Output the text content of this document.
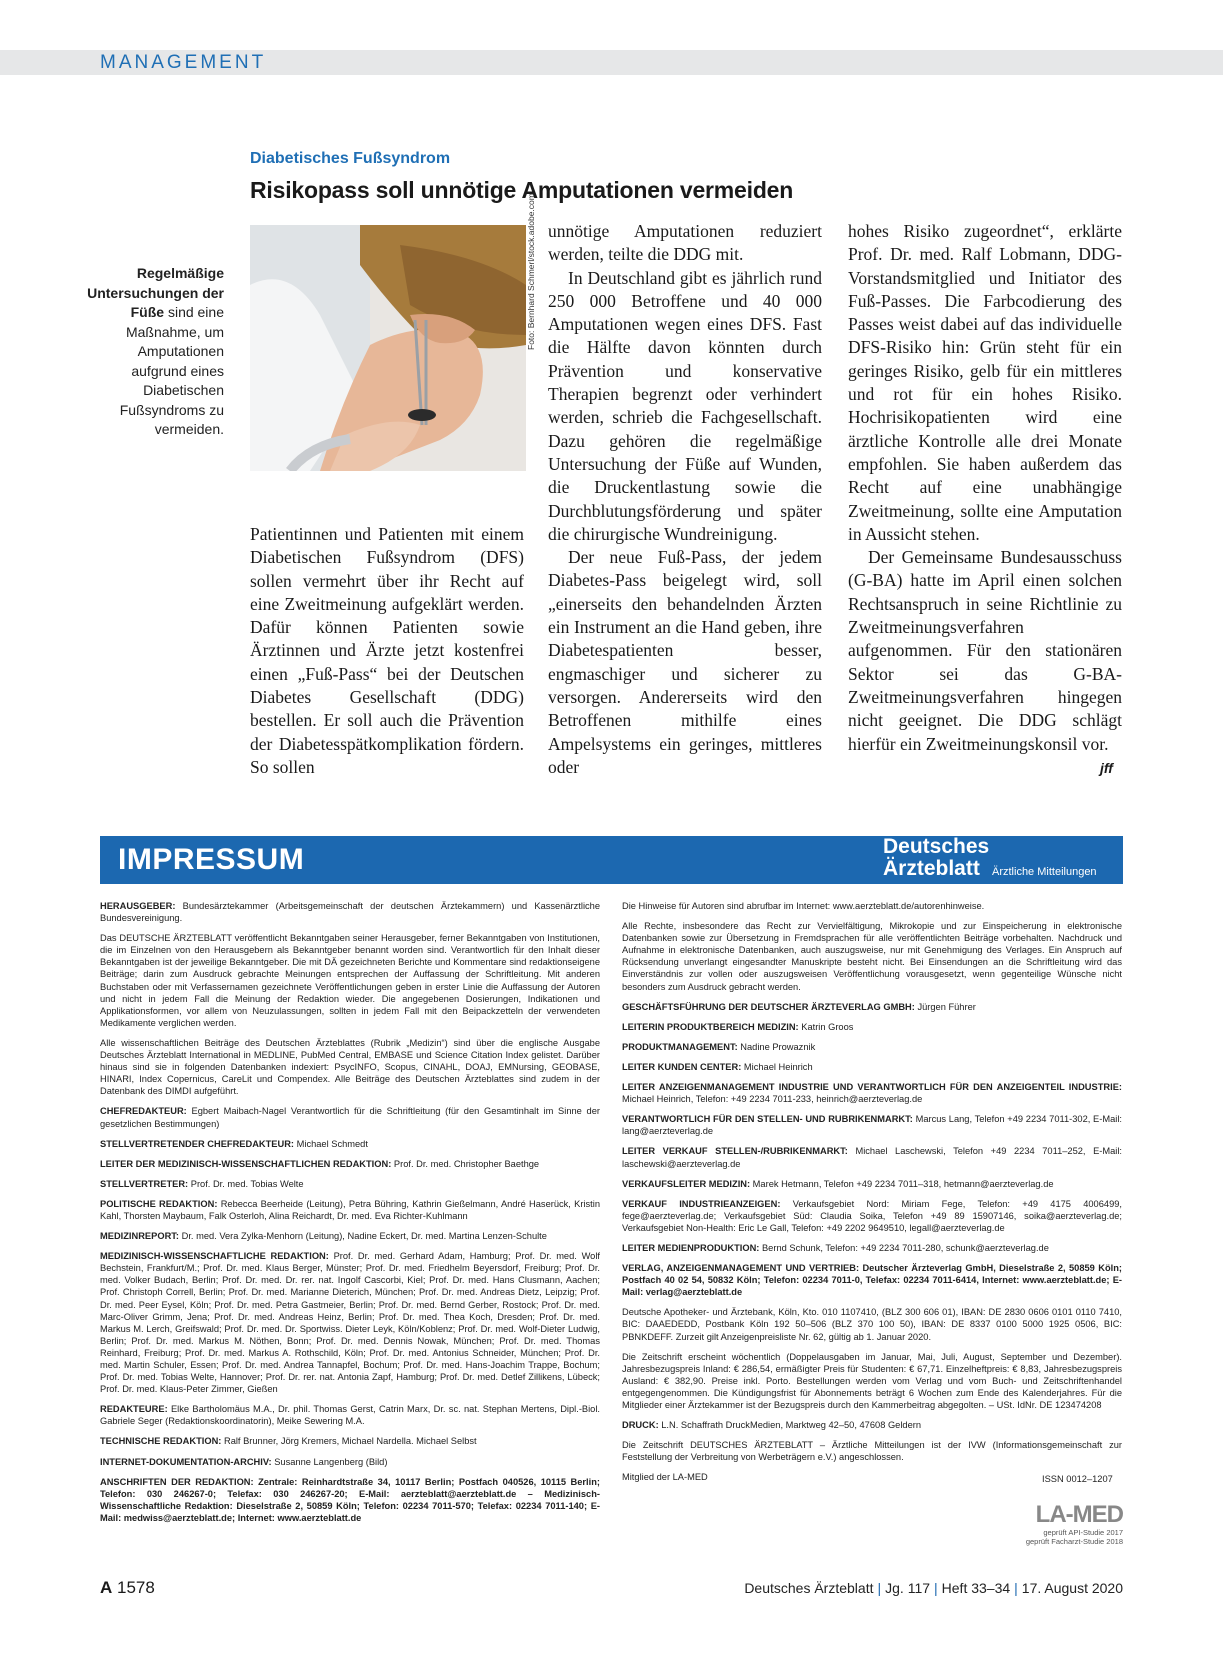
MANAGEMENT
Diabetisches Fußsyndrom
Risikopass soll unnötige Amputationen vermeiden
Regelmäßige Untersuchungen der Füße sind eine Maßnahme, um Amputationen aufgrund eines Diabetischen Fußsyndroms zu vermeiden.
Foto: Bernhard Schmerl/stock.adobe.com

Patientinnen und Patienten mit einem Diabetischen Fußsyndrom (DFS) sollen vermehrt über ihr Recht auf eine Zweitmeinung aufgeklärt werden. Dafür können Patienten sowie Ärztinnen und Ärzte jetzt kostenfrei einen „Fuß-Pass“ bei der Deutschen Diabetes Gesellschaft (DDG) bestellen. Er soll auch die Prävention der Diabetesspätkomplikation fördern. So sollen

unnötige Amputationen reduziert werden, teilte die DDG mit.

In Deutschland gibt es jährlich rund 250 000 Betroffene und 40 000 Amputationen wegen eines DFS. Fast die Hälfte davon könnten durch Prävention und konservative Therapien begrenzt oder verhindert werden, schrieb die Fachgesellschaft. Dazu gehören die regelmäßige Untersuchung der Füße auf Wunden, die Druckentlastung sowie die Durchblutungsförderung und später die chirurgische Wundreinigung.

Der neue Fuß-Pass, der jedem Diabetes-Pass beigelegt wird, soll „einerseits den behandelnden Ärzten ein Instrument an die Hand geben, ihre Diabetespatienten besser, engmaschiger und sicherer zu versorgen. Andererseits wird den Betroffenen mithilfe eines Ampelsystems ein geringes, mittleres oder

hohes Risiko zugeordnet“, erklärte Prof. Dr. med. Ralf Lobmann, DDG-Vorstandsmitglied und Initiator des Fuß-Passes. Die Farbcodierung des Passes weist dabei auf das individuelle DFS-Risiko hin: Grün steht für ein geringes Risiko, gelb für ein mittleres und rot für ein hohes Risiko. Hochrisikopatienten wird eine ärztliche Kontrolle alle drei Monate empfohlen. Sie haben außerdem das Recht auf eine unabhängige Zweitmeinung, sollte eine Amputation in Aussicht stehen.

Der Gemeinsame Bundesausschuss (G-BA) hatte im April einen solchen Rechtsanspruch in seine Richtlinie zu Zweitmeinungsverfahren aufgenommen. Für den stationären Sektor sei das G-BA-Zweitmeinungsverfahren hingegen nicht geeignet. Die DDG schlägt hierfür ein Zweitmeinungskonsil vor.

jff
IMPRESSUM	Deutsches
Ärzteblatt Ärztliche Mitteilungen

HERAUSGEBER: Bundesärztekammer (Arbeitsgemeinschaft der deutschen Ärztekammern) und Kassenärztliche Bundesvereinigung.

Das DEUTSCHE ÄRZTEBLATT veröffentlicht Bekanntgaben seiner Herausgeber, ferner Bekanntgaben von Institutionen, die im Einzelnen von den Herausgebern als Bekanntgeber benannt worden sind. Verantwortlich für den Inhalt dieser Bekanntgaben ist der jeweilige Bekanntgeber. Die mit DÄ gezeichneten Berichte und Kommentare sind redaktionseigene Beiträge; darin zum Ausdruck gebrachte Meinungen entsprechen der Auffassung der Schriftleitung. Mit anderen Buchstaben oder mit Verfassernamen gezeichnete Veröffentlichungen geben in erster Linie die Auffassung der Autoren und nicht in jedem Fall die Meinung der Redaktion wieder. Die angegebenen Dosierungen, Indikationen und Applikationsformen, vor allem von Neuzulassungen, sollten in jedem Fall mit den Beipackzetteln der verwendeten Medikamente verglichen werden.

Alle wissenschaftlichen Beiträge des Deutschen Ärzteblattes (Rubrik „Medizin“) sind über die englische Ausgabe Deutsches Ärzteblatt International in MEDLINE, PubMed Central, EMBASE und Science Citation Index gelistet. Darüber hinaus sind sie in folgenden Datenbanken indexiert: PsycINFO, Scopus, CINAHL, DOAJ, EMNursing, GEOBASE, HINARI, Index Copernicus, CareLit und Compendex. Alle Beiträge des Deutschen Ärzteblattes sind zudem in der Datenbank des DIMDI aufgeführt.

CHEFREDAKTEUR: Egbert Maibach-Nagel Verantwortlich für die Schriftleitung (für den Gesamtinhalt im Sinne der gesetzlichen Bestimmungen)

STELLVERTRETENDER CHEFREDAKTEUR: Michael Schmedt

LEITER DER MEDIZINISCH-WISSENSCHAFTLICHEN REDAKTION: Prof. Dr. med. Christopher Baethge

STELLVERTRETER: Prof. Dr. med. Tobias Welte

POLITISCHE REDAKTION: Rebecca Beerheide (Leitung), Petra Bühring, Kathrin Gießelmann, André Haserück, Kristin Kahl, Thorsten Maybaum, Falk Osterloh, Alina Reichardt, Dr. med. Eva Richter-Kuhlmann

MEDIZINREPORT: Dr. med. Vera Zylka-Menhorn (Leitung), Nadine Eckert, Dr. med. Martina Lenzen-Schulte

MEDIZINISCH-WISSENSCHAFTLICHE REDAKTION: Prof. Dr. med. Gerhard Adam, Hamburg; Prof. Dr. med. Wolf Bechstein, Frankfurt/M.; Prof. Dr. med. Klaus Berger, Münster; Prof. Dr. med. Friedhelm Beyersdorf, Freiburg; Prof. Dr. med. Volker Budach, Berlin; Prof. Dr. med. Dr. rer. nat. Ingolf Cascorbi, Kiel; Prof. Dr. med. Hans Clusmann, Aachen; Prof. Christoph Correll, Berlin; Prof. Dr. med. Marianne Dieterich, München; Prof. Dr. med. Andreas Dietz, Leipzig; Prof. Dr. med. Peer Eysel, Köln; Prof. Dr. med. Petra Gastmeier, Berlin; Prof. Dr. med. Bernd Gerber, Rostock; Prof. Dr. med. Marc-Oliver Grimm, Jena; Prof. Dr. med. Andreas Heinz, Berlin; Prof. Dr. med. Thea Koch, Dresden; Prof. Dr. med. Markus M. Lerch, Greifswald; Prof. Dr. med. Dr. Sportwiss. Dieter Leyk, Köln/Koblenz; Prof. Dr. med. Wolf-Dieter Ludwig, Berlin; Prof. Dr. med. Markus M. Nöthen, Bonn; Prof. Dr. med. Dennis Nowak, München; Prof. Dr. med. Thomas Reinhard, Freiburg; Prof. Dr. med. Markus A. Rothschild, Köln; Prof. Dr. med. Antonius Schneider, München; Prof. Dr. med. Martin Schuler, Essen; Prof. Dr. med. Andrea Tannapfel, Bochum; Prof. Dr. med. Hans-Joachim Trappe, Bochum; Prof. Dr. med. Tobias Welte, Hannover; Prof. Dr. rer. nat. Antonia Zapf, Hamburg; Prof. Dr. med. Detlef Zillikens, Lübeck; Prof. Dr. med. Klaus-Peter Zimmer, Gießen

REDAKTEURE: Elke Bartholomäus M.A., Dr. phil. Thomas Gerst, Catrin Marx, Dr. sc. nat. Stephan Mertens, Dipl.-Biol. Gabriele Seger (Redaktionskoordinatorin), Meike Sewering M.A.

TECHNISCHE REDAKTION: Ralf Brunner, Jörg Kremers, Michael Nardella. Michael Selbst

INTERNET-DOKUMENTATION-ARCHIV: Susanne Langenberg (Bild)

ANSCHRIFTEN DER REDAKTION: Zentrale: Reinhardtstraße 34, 10117 Berlin; Postfach 040526, 10115 Berlin; Telefon: 030 246267-0; Telefax: 030 246267-20; E-Mail: aerzteblatt@aerzteblatt.de – Medizinisch-Wissenschaftliche Redaktion: Dieselstraße 2, 50859 Köln; Telefon: 02234 7011-570; Telefax: 02234 7011-140; E-Mail: medwiss@aerzteblatt.de; Internet: www.aerzteblatt.de

Die Hinweise für Autoren sind abrufbar im Internet: www.aerzteblatt.de/autorenhinweise.

Alle Rechte, insbesondere das Recht zur Vervielfältigung, Mikrokopie und zur Einspeicherung in elektronische Datenbanken sowie zur Übersetzung in Fremdsprachen für alle veröffentlichten Beiträge vorbehalten. Nachdruck und Aufnahme in elektronische Datenbanken, auch auszugsweise, nur mit Genehmigung des Verlages. Ein Anspruch auf Rücksendung unverlangt eingesandter Manuskripte besteht nicht. Bei Einsendungen an die Schriftleitung wird das Einverständnis zur vollen oder auszugsweisen Veröffentlichung vorausgesetzt, wenn gegenteilige Wünsche nicht besonders zum Ausdruck gebracht werden.

GESCHÄFTSFÜHRUNG DER DEUTSCHER ÄRZTEVERLAG GMBH: Jürgen Führer

LEITERIN PRODUKTBEREICH MEDIZIN: Katrin Groos

PRODUKTMANAGEMENT: Nadine Prowaznik

LEITER KUNDEN CENTER: Michael Heinrich

LEITER ANZEIGENMANAGEMENT INDUSTRIE UND VERANTWORTLICH FÜR DEN ANZEIGENTEIL INDUSTRIE: Michael Heinrich, Telefon: +49 2234 7011-233, heinrich@aerzteverlag.de

VERANTWORTLICH FÜR DEN STELLEN- UND RUBRIKENMARKT: Marcus Lang, Telefon +49 2234 7011-302, E-Mail: lang@aerzteverlag.de

LEITER VERKAUF STELLEN-/RUBRIKENMARKT: Michael Laschewski, Telefon +49 2234 7011–252, E-Mail: laschewski@aerzteverlag.de

VERKAUFSLEITER MEDIZIN: Marek Hetmann, Telefon +49 2234 7011–318, hetmann@aerzteverlag.de

VERKAUF INDUSTRIEANZEIGEN: Verkaufsgebiet Nord: Miriam Fege, Telefon: +49 4175 4006499, fege@aerzteverlag.de; Verkaufsgebiet Süd: Claudia Soika, Telefon +49 89 15907146, soika@aerzteverlag.de; Verkaufsgebiet Non-Health: Eric Le Gall, Telefon: +49 2202 9649510, legall@aerzteverlag.de

LEITER MEDIENPRODUKTION: Bernd Schunk, Telefon: +49 2234 7011-280, schunk@aerzteverlag.de

VERLAG, ANZEIGENMANAGEMENT UND VERTRIEB: Deutscher Ärzteverlag GmbH, Dieselstraße 2, 50859 Köln; Postfach 40 02 54, 50832 Köln; Telefon: 02234 7011-0, Telefax: 02234 7011-6414, Internet: www.aerzteblatt.de; E-Mail: verlag@aerzteblatt.de

Deutsche Apotheker- und Ärztebank, Köln, Kto. 010 1107410, (BLZ 300 606 01), IBAN: DE 2830 0606 0101 0110 7410, BIC: DAAEDEDD, Postbank Köln 192 50–506 (BLZ 370 100 50), IBAN: DE 8337 0100 5000 1925 0506, BIC: PBNKDEFF. Zurzeit gilt Anzeigenpreisliste Nr. 62, gültig ab 1. Januar 2020.

Die Zeitschrift erscheint wöchentlich (Doppelausgaben im Januar, Mai, Juli, August, September und Dezember). Jahresbezugspreis Inland: € 286,54, ermäßigter Preis für Studenten: € 67,71. Einzelheftpreis: € 8,83, Jahresbezugspreis Ausland: € 382,90. Preise inkl. Porto. Bestellungen werden vom Verlag und vom Buch- und Zeitschriftenhandel entgegengenommen. Die Kündigungsfrist für Abonnements beträgt 6 Wochen zum Ende des Kalenderjahres. Für die Mitglieder einer Ärztekammer ist der Bezugspreis durch den Kammerbeitrag abgegolten. – USt. IdNr. DE 123474208

DRUCK: L.N. Schaffrath DruckMedien, Marktweg 42–50, 47608 Geldern

Die Zeitschrift DEUTSCHES ÄRZTEBLATT – Ärztliche Mitteilungen ist der IVW (Informationsgemeinschaft zur Feststellung der Verbreitung von Werbeträgern e.V.) angeschlossen.

Mitglied der LA-MED	ISSN 0012–1207
LA-MED
geprüft API-Studie 2017
geprüft Facharzt-Studie 2018
A 1578	Deutsches Ärzteblatt | Jg. 117 | Heft 33–34 | 17. August 2020
